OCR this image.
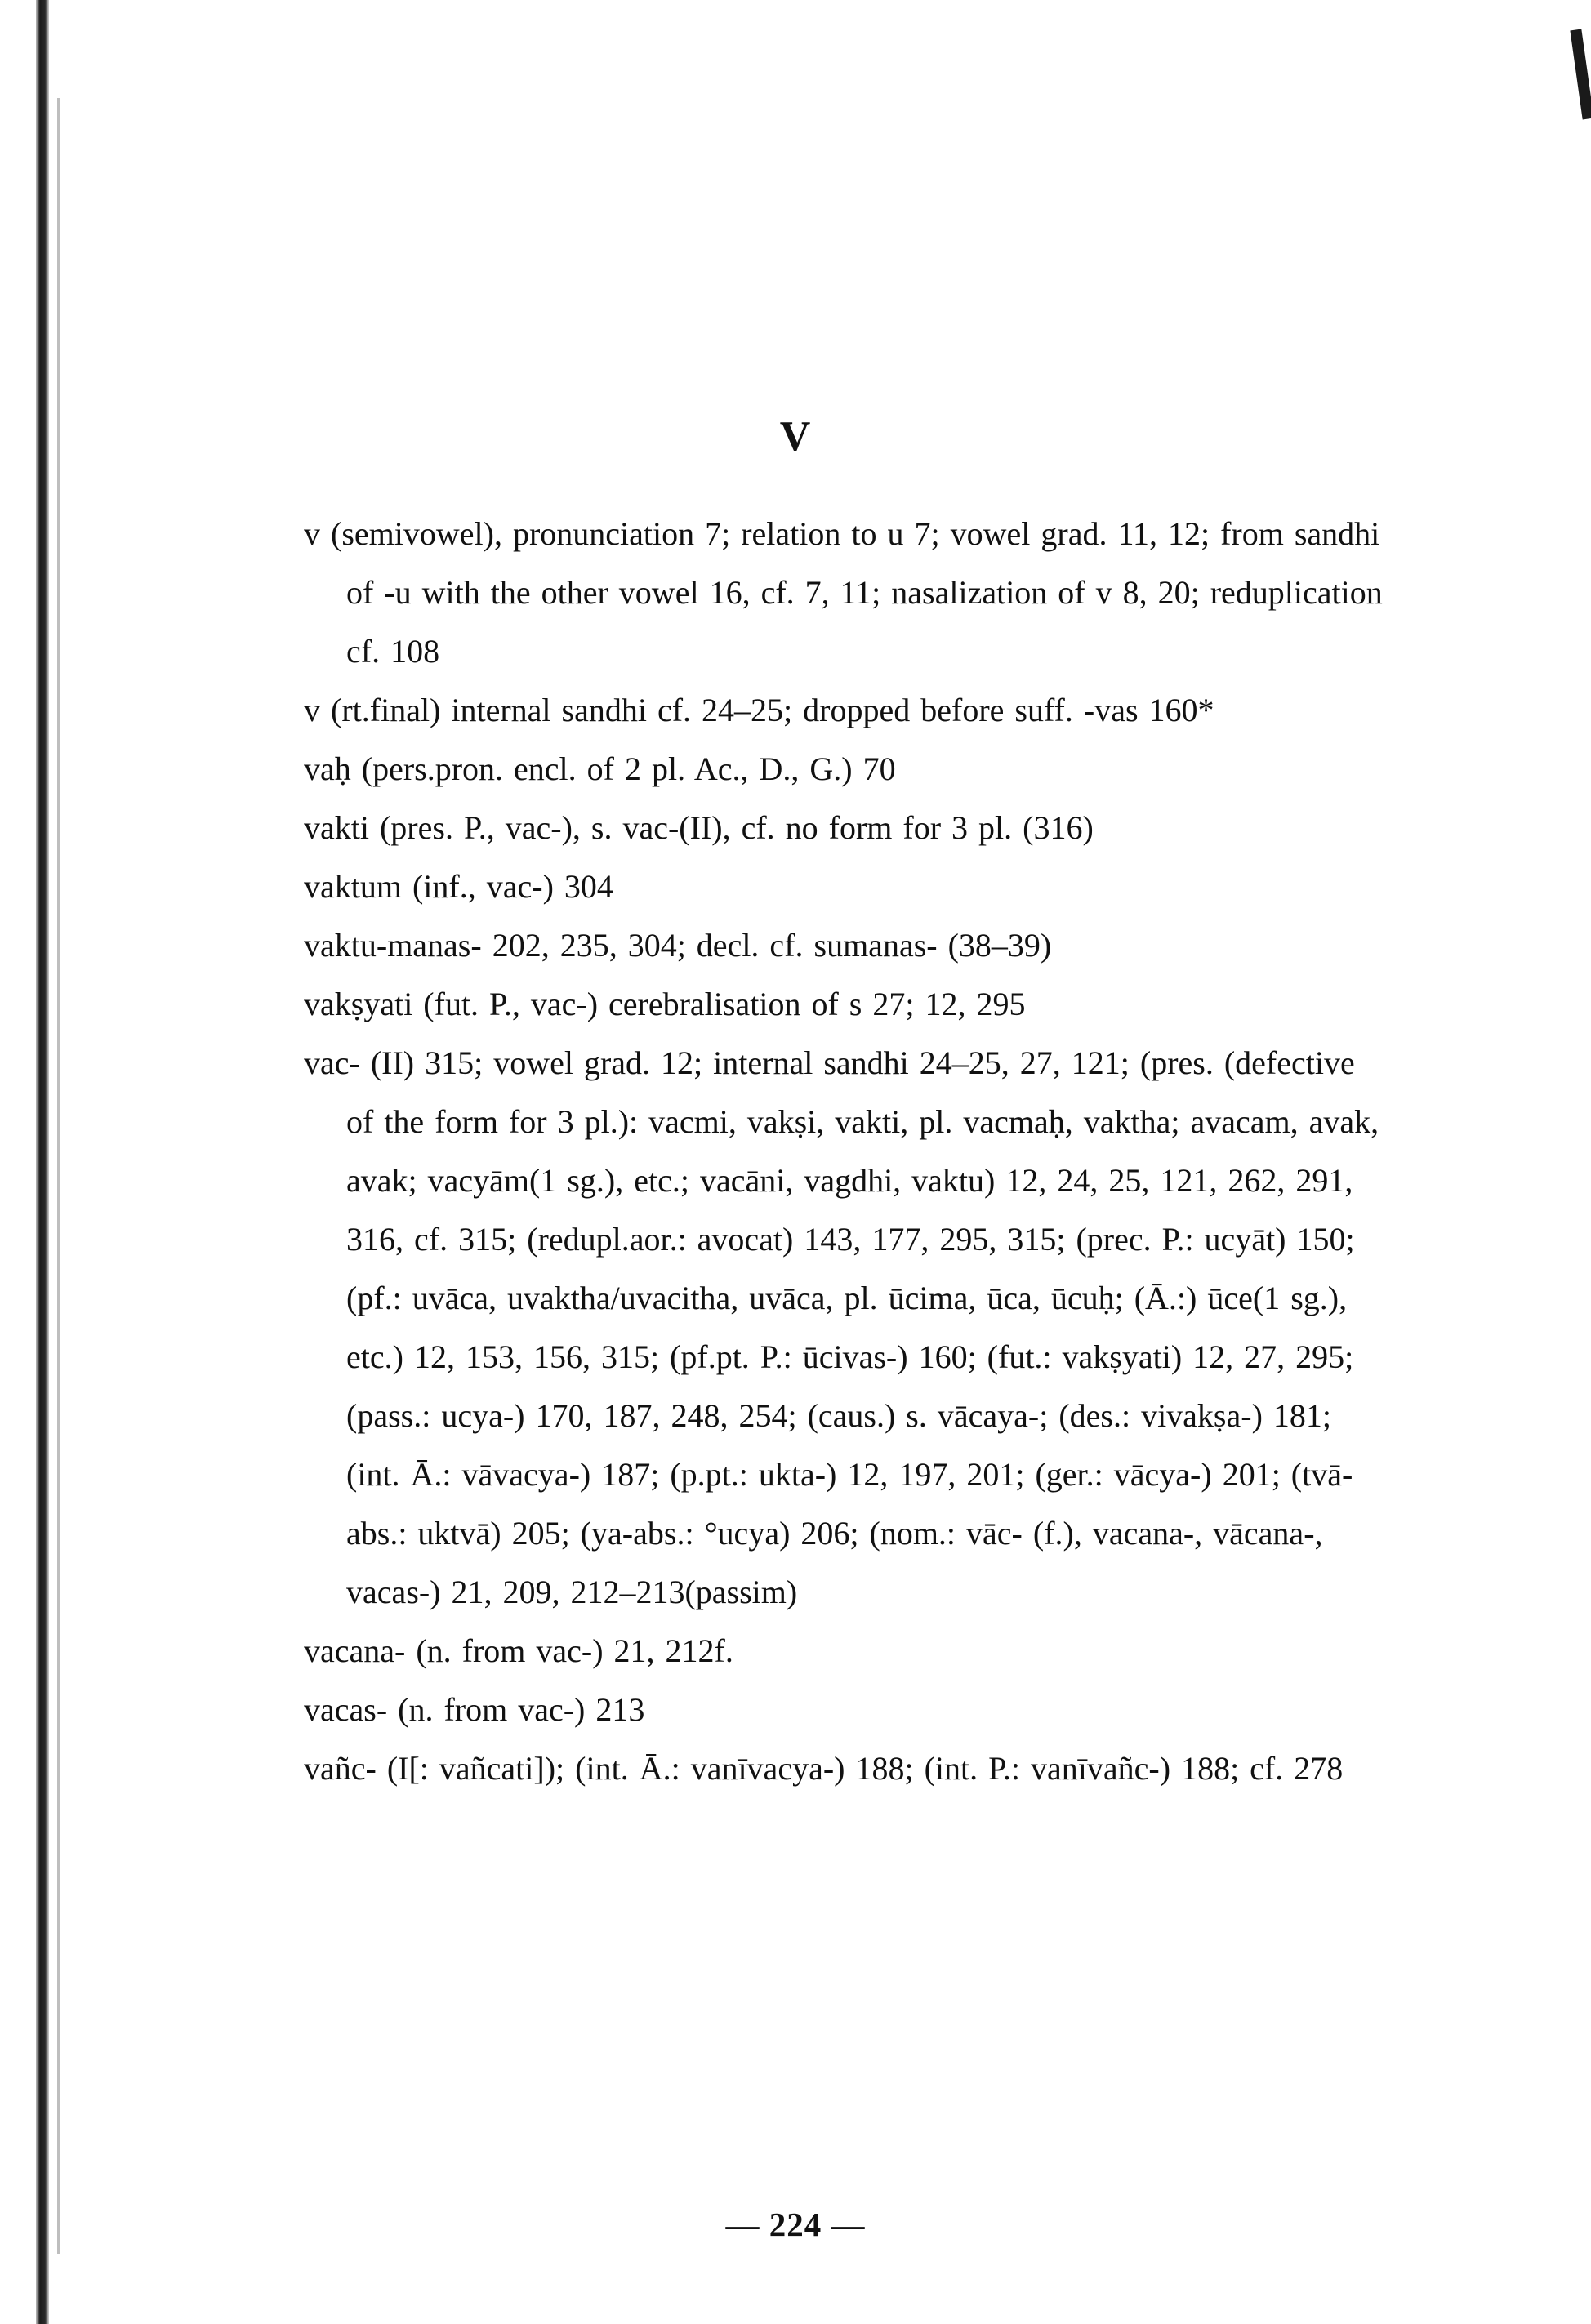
V
v (semivowel), pronunciation 7; relation to u 7; vowel grad. 11, 12; from sandhi of -u with the other vowel 16, cf. 7, 11; nasalization of v 8, 20; reduplication cf. 108
v (rt.final) internal sandhi cf. 24–25; dropped before suff. -vas 160*
vaḥ (pers.pron. encl. of 2 pl. Ac., D., G.) 70
vakti (pres. P., vac-), s. vac-(II), cf. no form for 3 pl. (316)
vaktum (inf., vac-) 304
vaktu-manas- 202, 235, 304; decl. cf. sumanas- (38–39)
vakṣyati (fut. P., vac-) cerebralisation of s 27; 12, 295
vac- (II) 315; vowel grad. 12; internal sandhi 24–25, 27, 121; (pres. (defective of the form for 3 pl.): vacmi, vakṣi, vakti, pl. vacmaḥ, vaktha; avacam, avak, avak; vacyām(1 sg.), etc.; vacāni, vagdhi, vaktu) 12, 24, 25, 121, 262, 291, 316, cf. 315; (redupl.aor.: avocat) 143, 177, 295, 315; (prec. P.: ucyāt) 150; (pf.: uvāca, uvaktha/uvacitha, uvāca, pl. ūcima, ūca, ūcuḥ; (Ā.:) ūce(1 sg.), etc.) 12, 153, 156, 315; (pf.pt. P.: ūcivas-) 160; (fut.: vakṣyati) 12, 27, 295; (pass.: ucya-) 170, 187, 248, 254; (caus.) s. vācaya-; (des.: vivakṣa-) 181; (int. Ā.: vāvacya-) 187; (p.pt.: ukta-) 12, 197, 201; (ger.: vācya-) 201; (tvā-abs.: uktvā) 205; (ya-abs.: °ucya) 206; (nom.: vāc- (f.), vacana-, vācana-, vacas-) 21, 209, 212–213(passim)
vacana- (n. from vac-) 21, 212f.
vacas- (n. from vac-) 213
vañc- (I[: vañcati]); (int. Ā.: vanīvacya-) 188; (int. P.: vanīvañc-) 188; cf. 278
— 224 —
